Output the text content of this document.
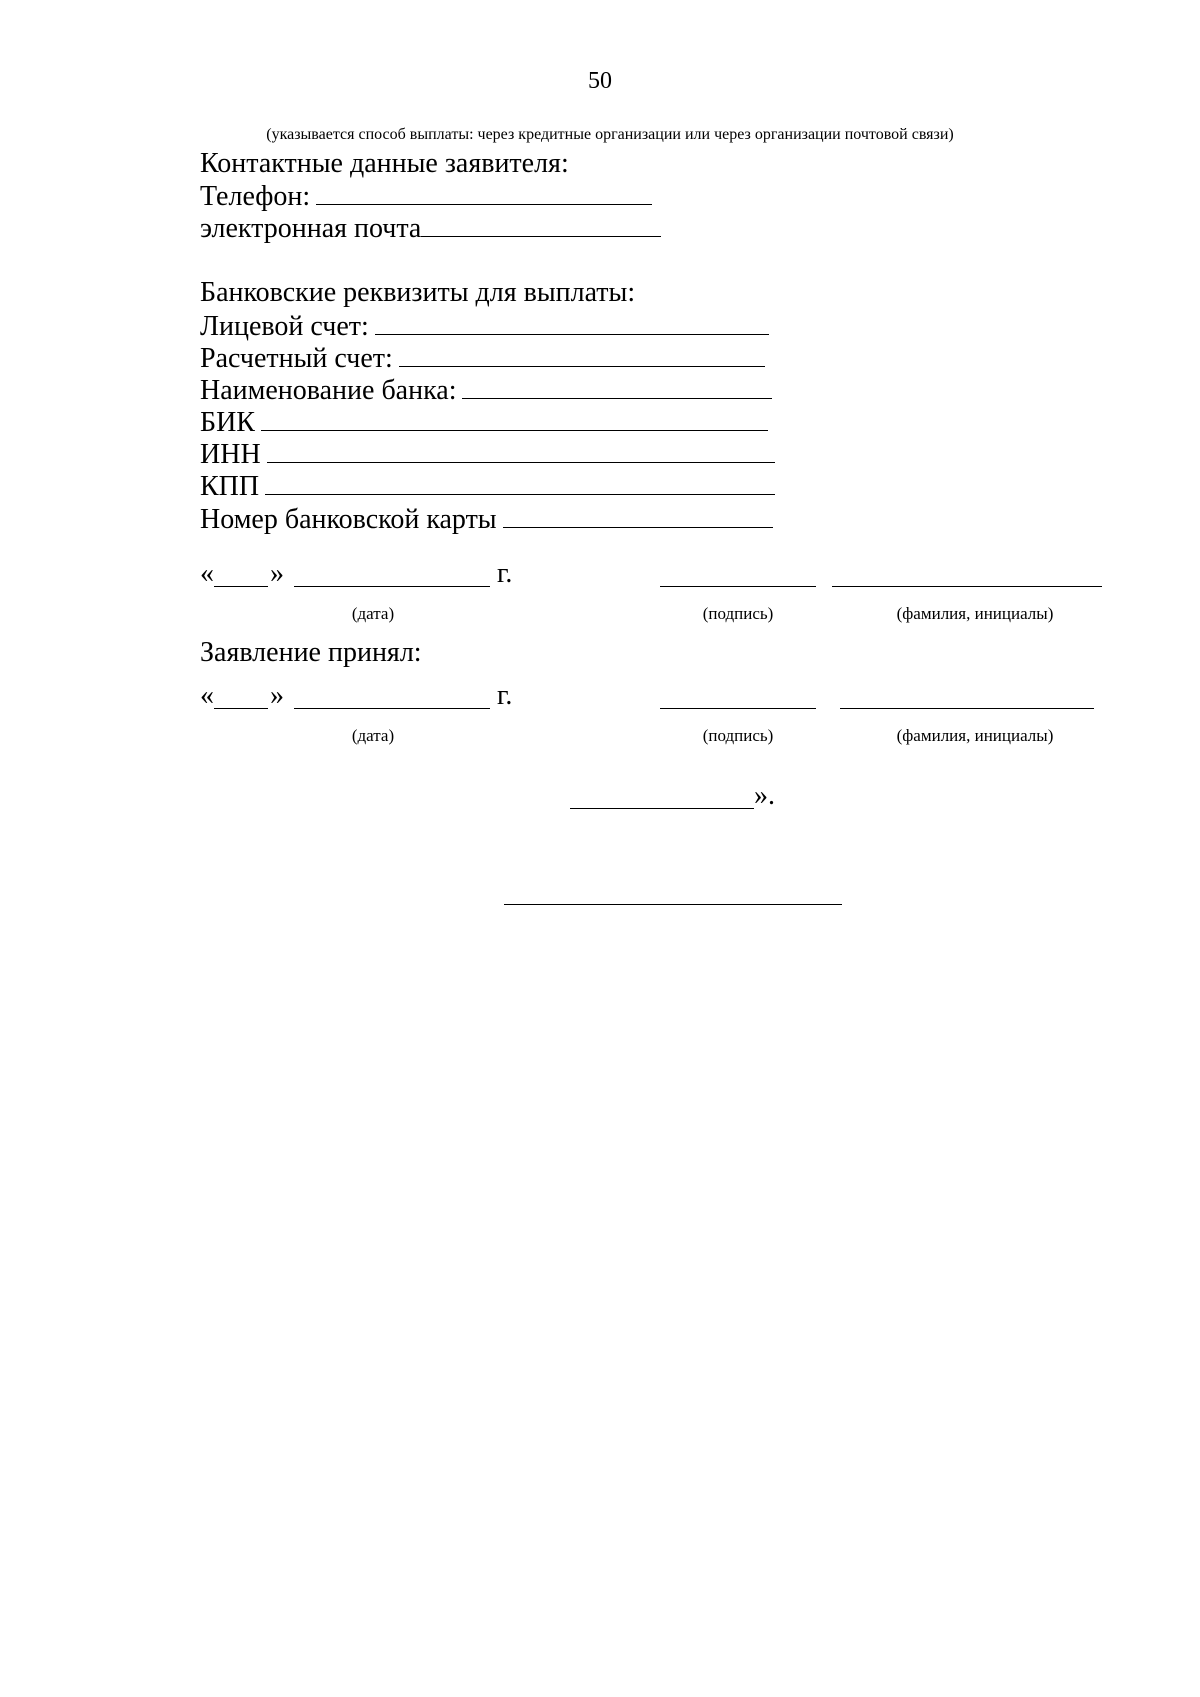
50
(указывается способ выплаты: через кредитные организации или через организации почтовой связи)
Контактные данные заявителя:
Телефон:
электронная почта
Банковские реквизиты для выплаты:
Лицевой счет:
Расчетный счет:
Наименование банка:
БИК
ИНН
КПП
Номер банковской карты
« »	г.
(дата)	(подпись)	(фамилия, инициалы)
Заявление принял:
« »	г.
(дата)	(подпись)	(фамилия, инициалы)
».
